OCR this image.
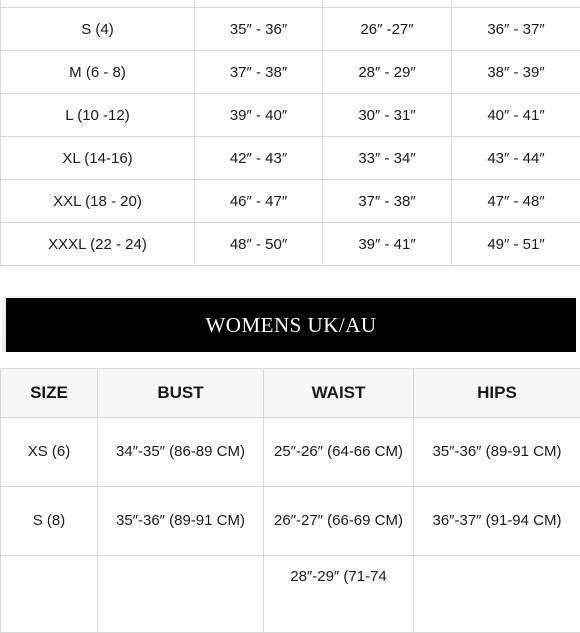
S (4)	35″ - 36″	26″ -27″	36″ - 37″
M (6 - 8)	37″ - 38″	28″ - 29″	38″ - 39″
L (10 -12)	39″ - 40″	30″ - 31″	40″ - 41″
XL (14-16)	42″ - 43″	33″ - 34″	43″ - 44″
XXL (18 - 20)	46″ - 47″	37″ - 38″	47″ - 48″
XXXL (22 - 24)	48″ - 50″	39″ - 41″	49″ - 51″
WOMENS UK/AU
SIZE	BUST	WAIST	HIPS
XS (6)	34″-35″ (86-89 CM)	25″-26″ (64-66 CM)	35″-36″ (89-91 CM)
S (8)	35″-36″ (89-91 CM)	26″-27″ (66-69 CM)	36″-37″ (91-94 CM)
		28″-29″ (71-74	
